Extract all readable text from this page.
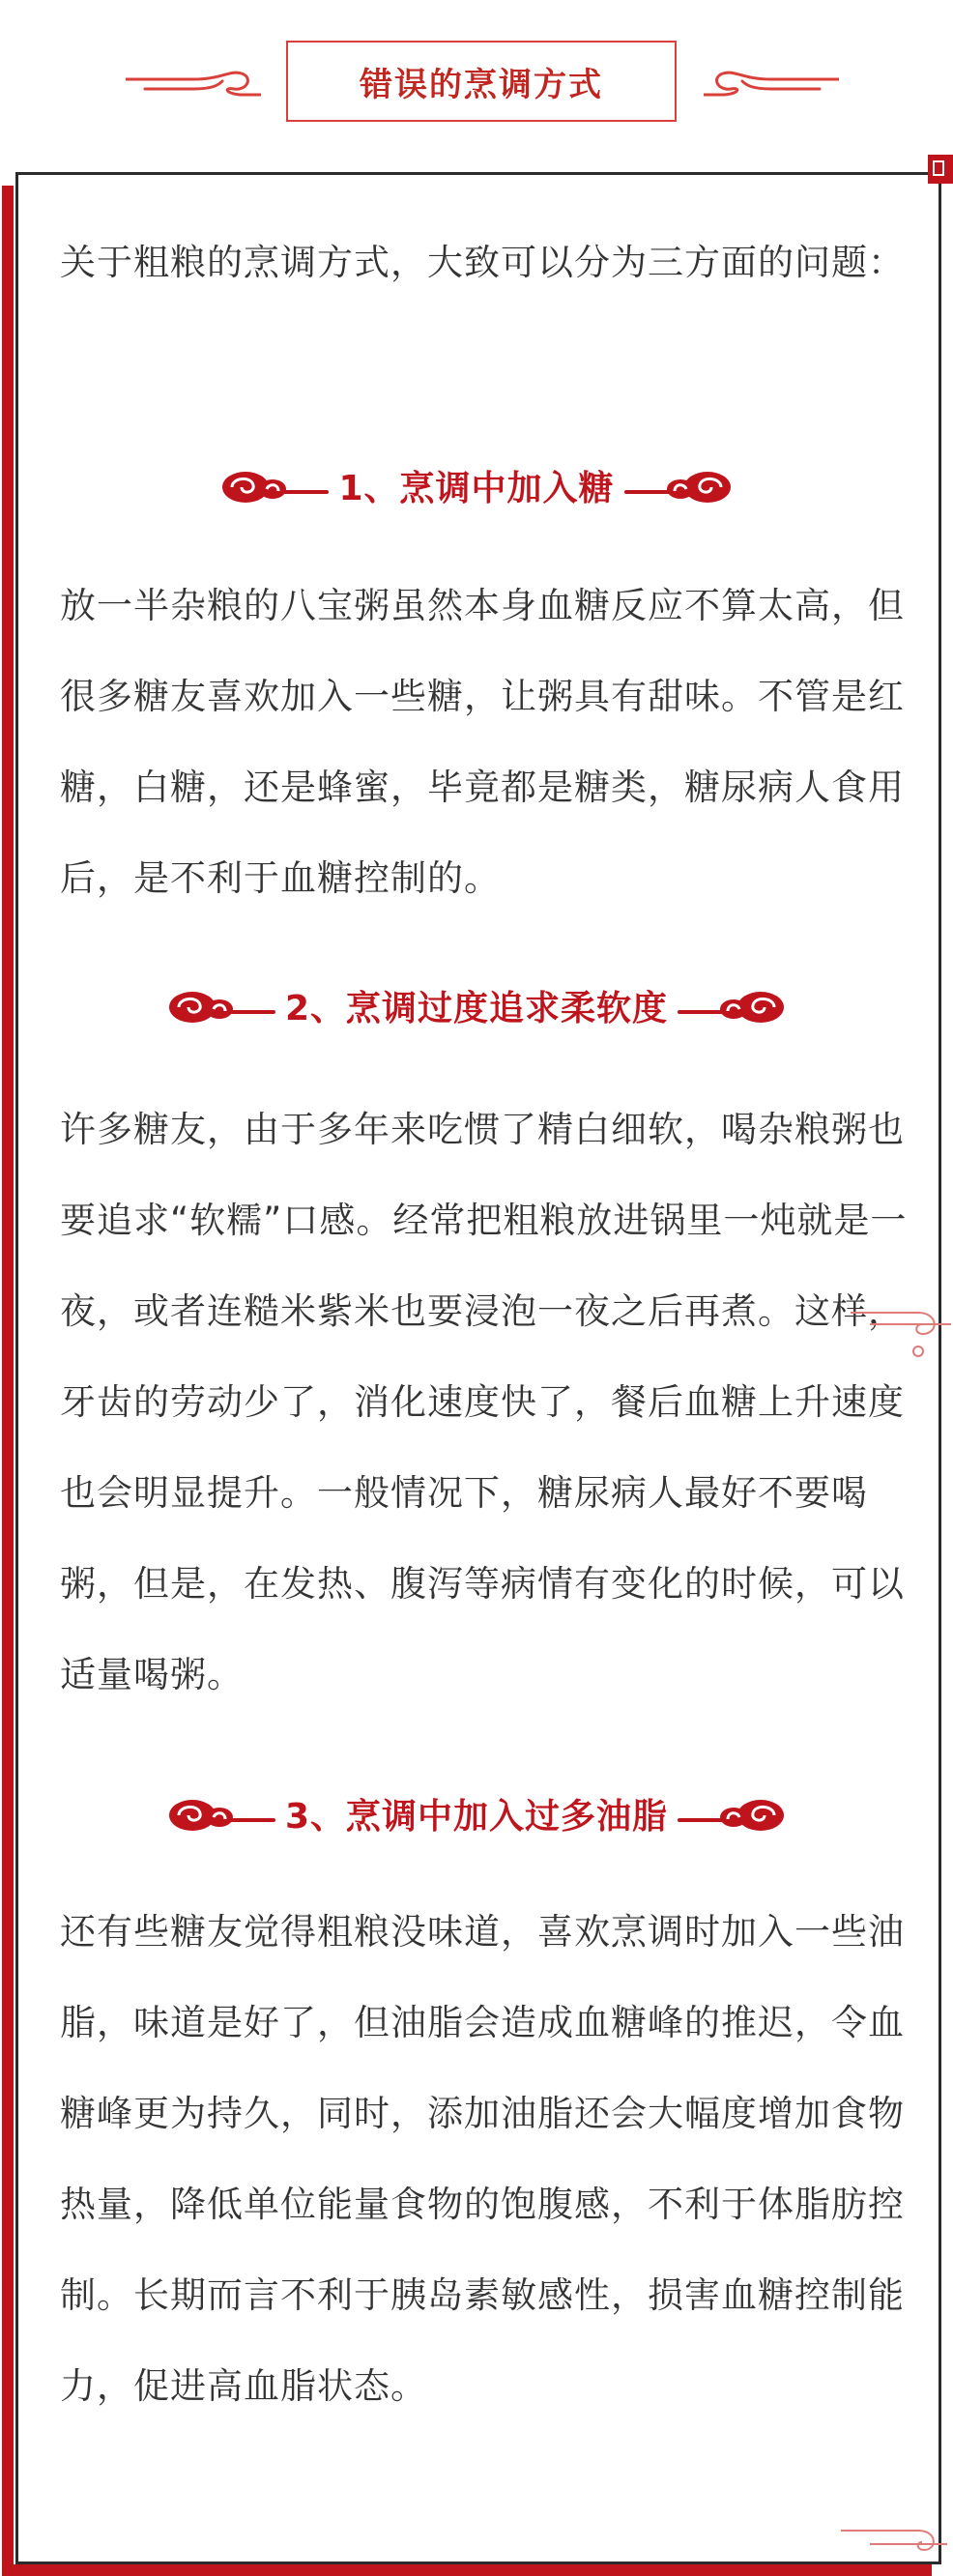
错误的烹调方式

关于粗粮的烹调方式，大致可以分为三方面的问题：

1、烹调中加入糖

放一半杂粮的八宝粥虽然本身血糖反应不算太高，但很多糖友喜欢加入一些糖，让粥具有甜味。不管是红糖，白糖，还是蜂蜜，毕竟都是糖类，糖尿病人食用后，是不利于血糖控制的。

2、烹调过度追求柔软度

许多糖友，由于多年来吃惯了精白细软，喝杂粮粥也要追求“软糯”口感。经常把粗粮放进锅里一炖就是一夜，或者连糙米紫米也要浸泡一夜之后再煮。这样，牙齿的劳动少了，消化速度快了，餐后血糖上升速度也会明显提升。一般情况下，糖尿病人最好不要喝粥，但是，在发热、腹泻等病情有变化的时候，可以适量喝粥。

3、烹调中加入过多油脂

还有些糖友觉得粗粮没味道，喜欢烹调时加入一些油脂，味道是好了，但油脂会造成血糖峰的推迟，令血糖峰更为持久，同时，添加油脂还会大幅度增加食物热量，降低单位能量食物的饱腹感，不利于体脂肪控制。长期而言不利于胰岛素敏感性，损害血糖控制能力，促进高血脂状态。
